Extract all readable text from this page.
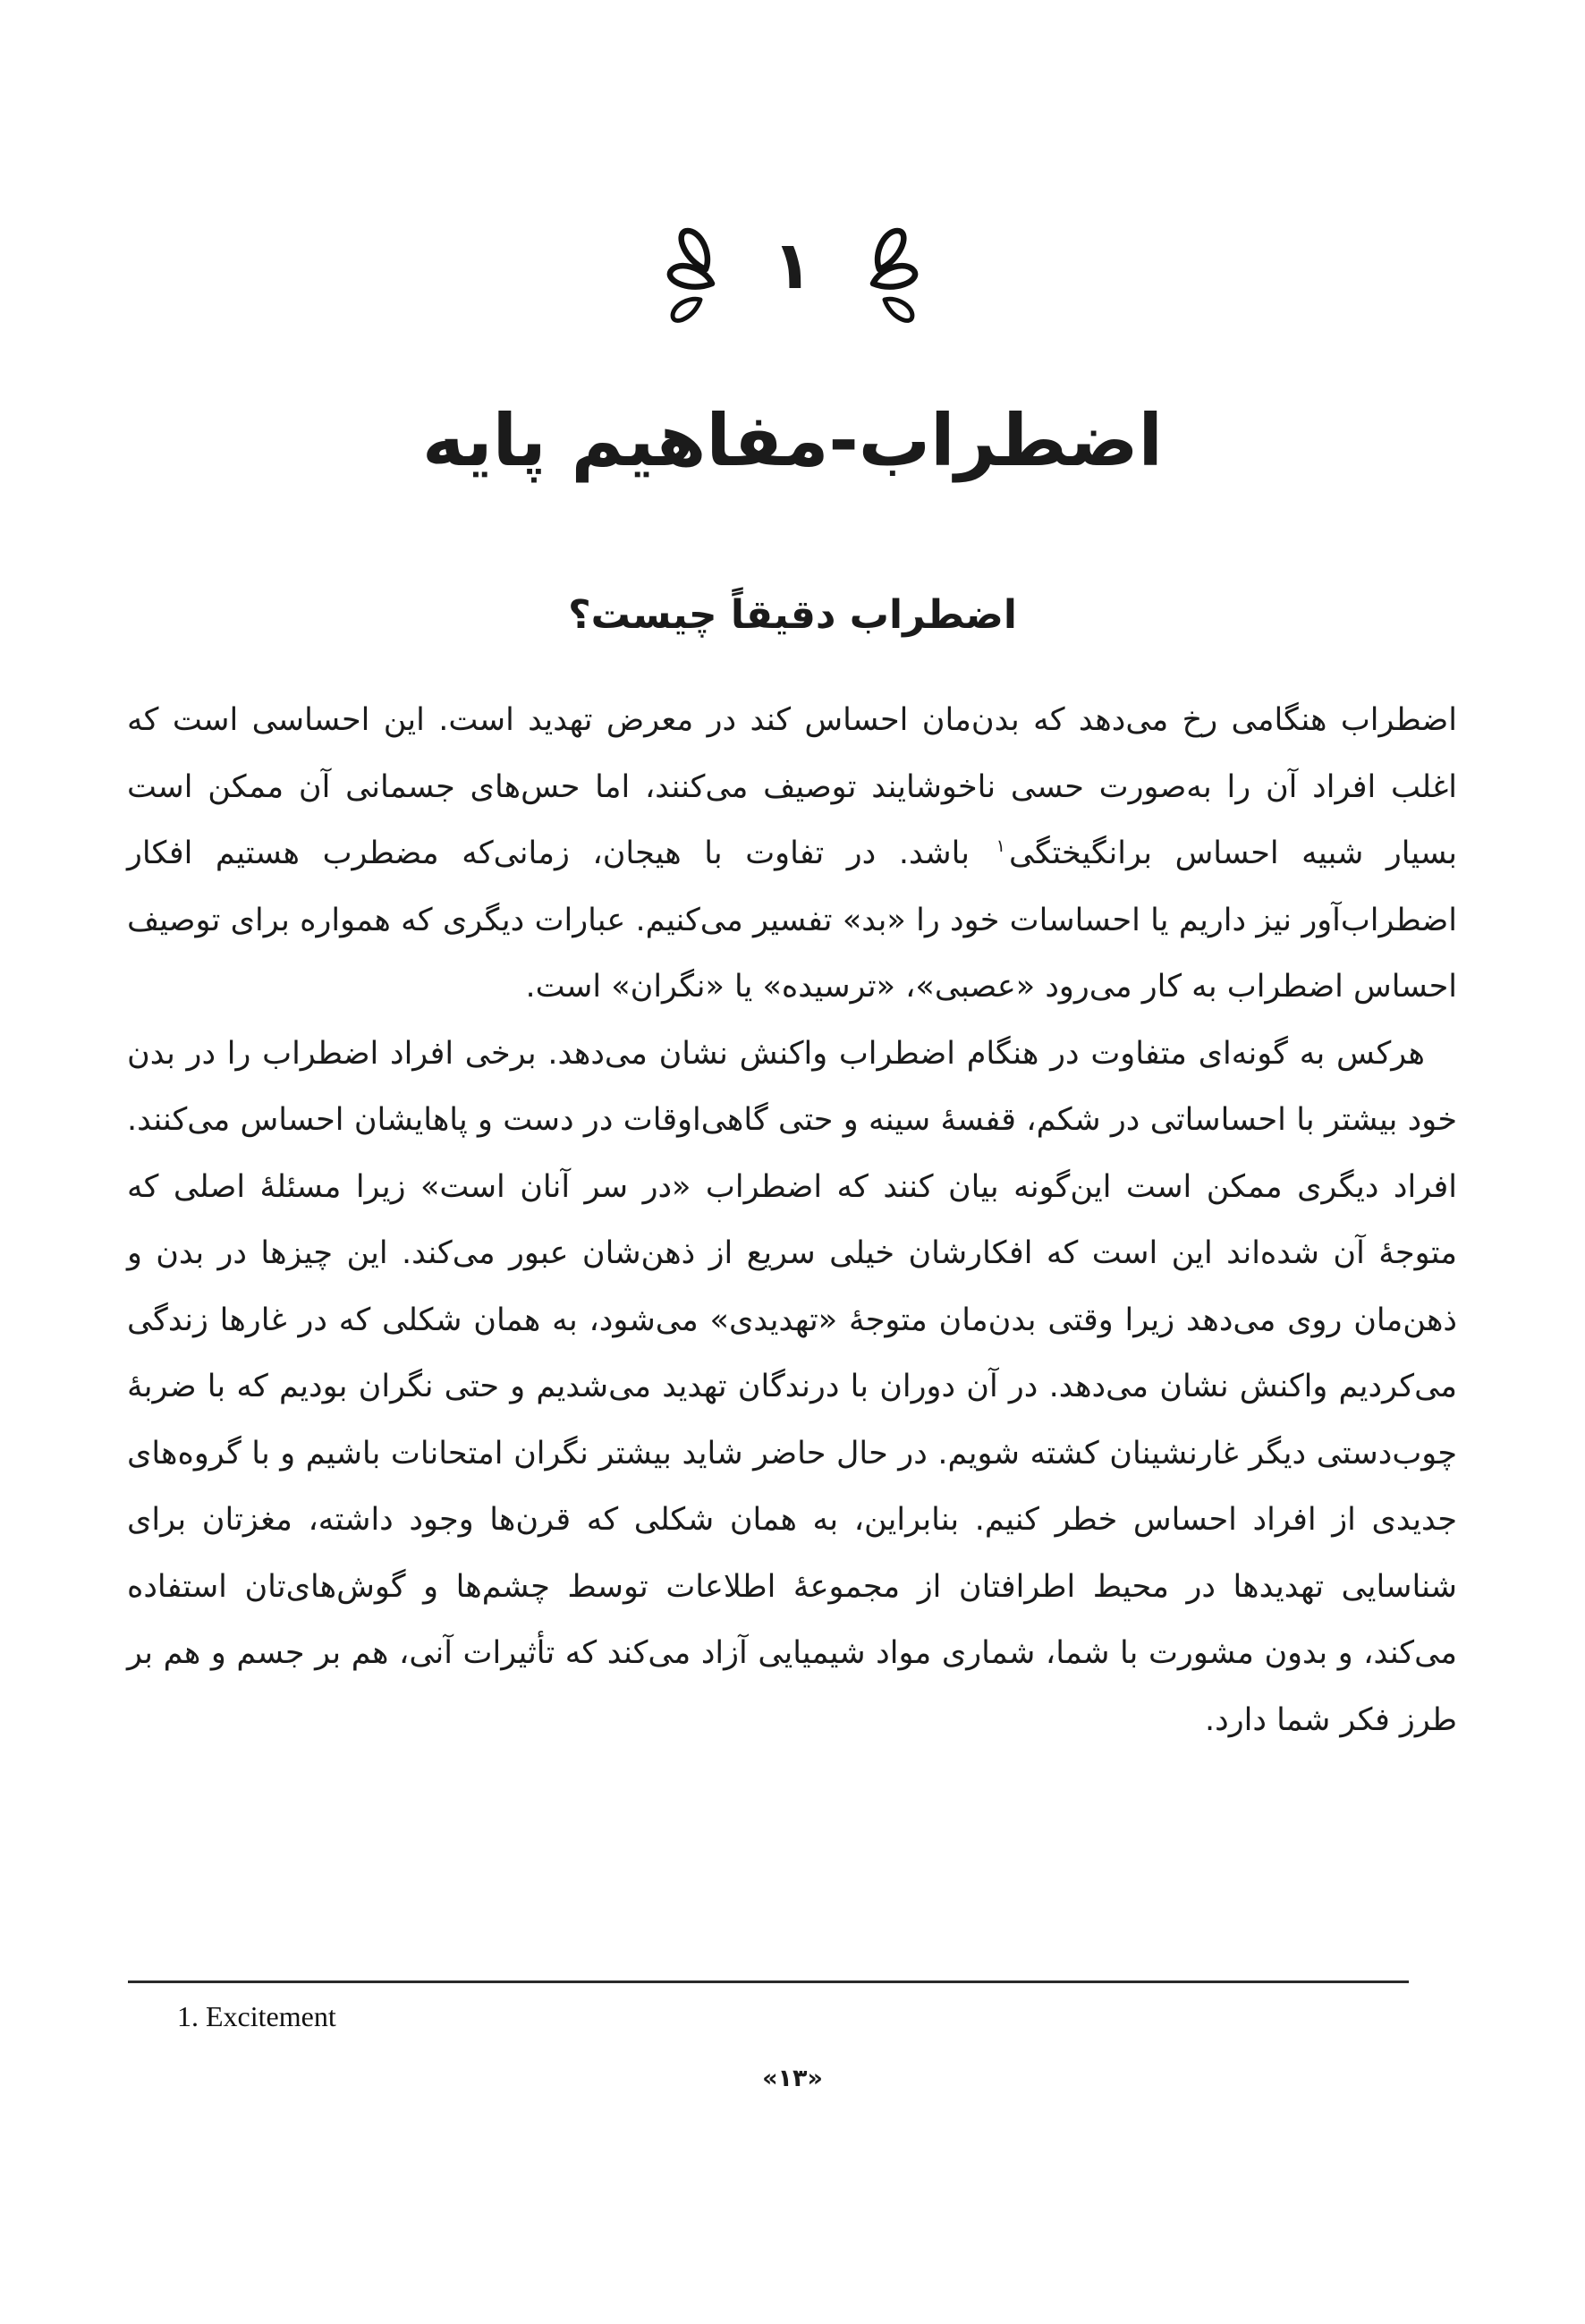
۱
اضطراب-مفاهیم پایه
اضطراب دقیقاً چیست؟

اضطراب هنگامی رخ می‌دهد که بدن‌مان احساس کند در معرض تهدید است. این احساسی است که اغلب افراد آن را به‌صورت حسی ناخوشایند توصیف می‌کنند، اما حس‌های جسمانی آن ممکن است بسیار شبیه احساس برانگیختگی$^۱$ باشد. در تفاوت با هیجان، زمانی‌که مضطرب هستیم افکار اضطراب‌آور نیز داریم یا احساسات خود را «بد» تفسیر می‌کنیم. عبارات دیگری که همواره برای توصیف احساس اضطراب به کار می‌رود «عصبی»، «ترسیده» یا «نگران» است.

هرکس به گونه‌ای متفاوت در هنگام اضطراب واکنش نشان می‌دهد. برخی افراد اضطراب را در بدن خود بیشتر با احساساتی در شکم، قفسهٔ سینه و حتی گاهی‌اوقات در دست و پاهایشان احساس می‌کنند. افراد دیگری ممکن است این‌گونه بیان کنند که اضطراب «در سر آنان است» زیرا مسئلهٔ اصلی که متوجهٔ آن شده‌اند این است که افکارشان خیلی سریع از ذهن‌شان عبور می‌کند. این چیزها در بدن و ذهن‌مان روی می‌دهد زیرا وقتی بدن‌مان متوجهٔ «تهدیدی» می‌شود، به همان شکلی که در غارها زندگی می‌کردیم واکنش نشان می‌دهد. در آن دوران با درندگان تهدید می‌شدیم و حتی نگران بودیم که با ضربهٔ چوب‌دستی دیگر غارنشینان کشته شویم. در حال حاضر شاید بیشتر نگران امتحانات باشیم و با گروه‌های جدیدی از افراد احساس خطر کنیم. بنابراین، به همان شکلی که قرن‌ها وجود داشته، مغزتان برای شناسایی تهدیدها در محیط اطرافتان از مجموعهٔ اطلاعات توسط چشم‌ها و گوش‌های‌تان استفاده می‌کند، و بدون مشورت با شما، شماری مواد شیمیایی آزاد می‌کند که تأثیرات آنی، هم بر جسم و هم بر طرز فکر شما دارد.

1. Excitement
«۱۳»
